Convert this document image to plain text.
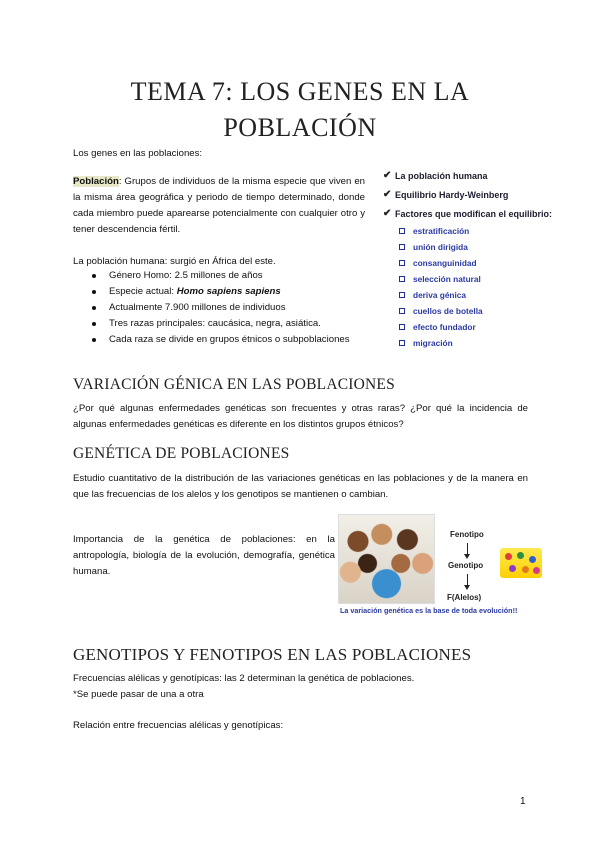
TEMA 7: LOS GENES EN LA
POBLACIÓN
Los genes en las poblaciones:
Población: Grupos de individuos de la misma especie que viven en la misma área geográfica y periodo de tiempo determinado, donde cada miembro puede aparearse potencialmente con cualquier otro y tener descendencia fértil.
La población humana: surgió en África del este.
Género Homo: 2.5 millones de años
Especie actual: Homo sapiens sapiens
Actualmente 7.900 millones de individuos
Tres razas principales: caucásica, negra, asiática.
Cada raza se divide en grupos étnicos o subpoblaciones
✔ La población humana
✔ Equilibrio Hardy-Weinberg
✔ Factores que modifican el equilibrio:
estratificación
unión dirigida
consanguinidad
selección natural
deriva génica
cuellos de botella
efecto fundador
migración
VARIACIÓN GÉNICA EN LAS POBLACIONES
¿Por qué algunas enfermedades genéticas son frecuentes y otras raras? ¿Por qué la incidencia de algunas enfermedades genéticas es diferente en los distintos grupos étnicos?
GENÉTICA DE POBLACIONES
Estudio cuantitativo de la distribución de las variaciones genéticas en las poblaciones y de la manera en que las frecuencias de los alelos y los genotipos se mantienen o cambian.
Importancia de la genética de poblaciones: en la antropología, biología de la evolución, demografía, genética humana.
Fenotipo
Genotipo
F(Alelos)
La variación genética es la base de toda evolución!!
GENOTIPOS Y FENOTIPOS EN LAS POBLACIONES
Frecuencias alélicas y genotípicas: las 2 determinan la genética de poblaciones.
*Se puede pasar de una a otra
Relación entre frecuencias alélicas y genotípicas:
1
